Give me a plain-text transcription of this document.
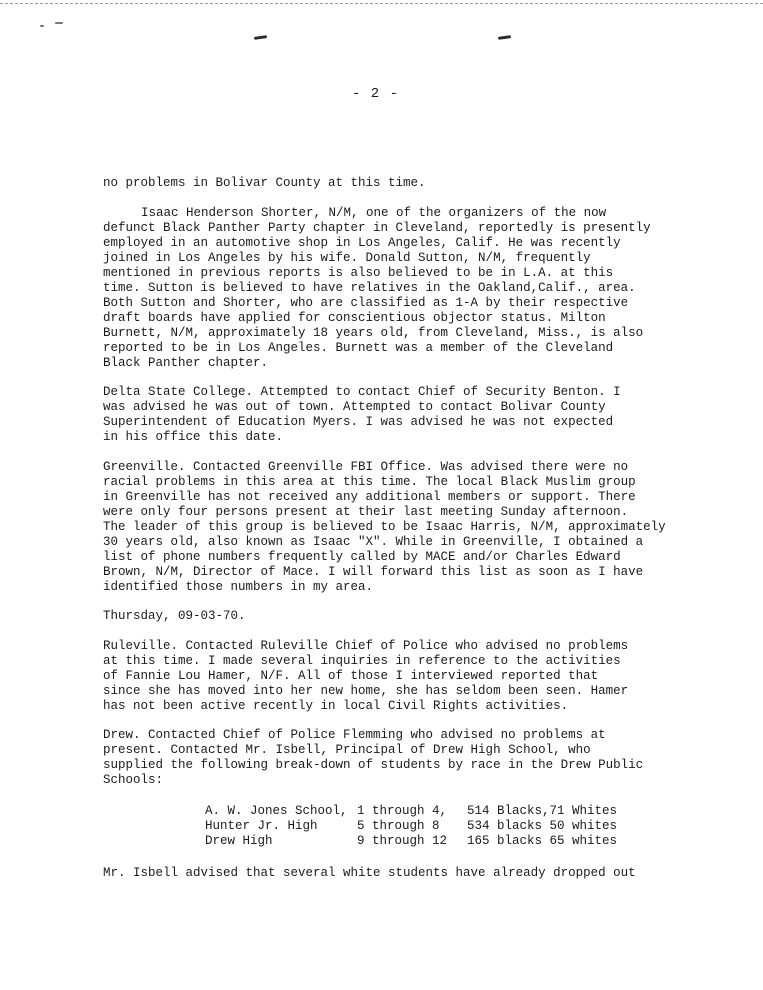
- 2 -
no problems in Bolivar County at this time.
Isaac Henderson Shorter, N/M, one of the organizers of the now
defunct Black Panther Party chapter in Cleveland, reportedly is presently
employed in an automotive shop in Los Angeles, Calif. He was recently
joined in Los Angeles by his wife. Donald Sutton, N/M, frequently
mentioned in previous reports is also believed to be in L.A. at this
time. Sutton is believed to have relatives in the Oakland,Calif., area.
Both Sutton and Shorter, who are classified as 1-A by their respective
draft boards have applied for conscientious objector status. Milton
Burnett, N/M, approximately 18 years old, from Cleveland, Miss., is also
reported to be in Los Angeles. Burnett was a member of the Cleveland
Black Panther chapter.
Delta State College. Attempted to contact Chief of Security Benton. I
was advised he was out of town. Attempted to contact Bolivar County
Superintendent of Education Myers. I was advised he was not expected
in his office this date.
Greenville. Contacted Greenville FBI Office. Was advised there were no
racial problems in this area at this time. The local Black Muslim group
in Greenville has not received any additional members or support. There
were only four persons present at their last meeting Sunday afternoon.
The leader of this group is believed to be Isaac Harris, N/M, approximately
30 years old, also known as Isaac "X". While in Greenville, I obtained a
list of phone numbers frequently called by MACE and/or Charles Edward
Brown, N/M, Director of Mace. I will forward this list as soon as I have
identified those numbers in my area.
Thursday, 09-03-70.
Ruleville. Contacted Ruleville Chief of Police who advised no problems
at this time. I made several inquiries in reference to the activities
of Fannie Lou Hamer, N/F. All of those I interviewed reported that
since she has moved into her new home, she has seldom been seen. Hamer
has not been active recently in local Civil Rights activities.
Drew. Contacted Chief of Police Flemming who advised no problems at
present. Contacted Mr. Isbell, Principal of Drew High School, who
supplied the following break-down of students by race in the Drew Public
Schools:
A. W. Jones School,	1 through 4,	514 Blacks,	71 Whites
Hunter Jr. High	5 through 8	534 blacks	50 whites
Drew High	9 through 12	165 blacks	65 whites
Mr. Isbell advised that several white students have already dropped out
